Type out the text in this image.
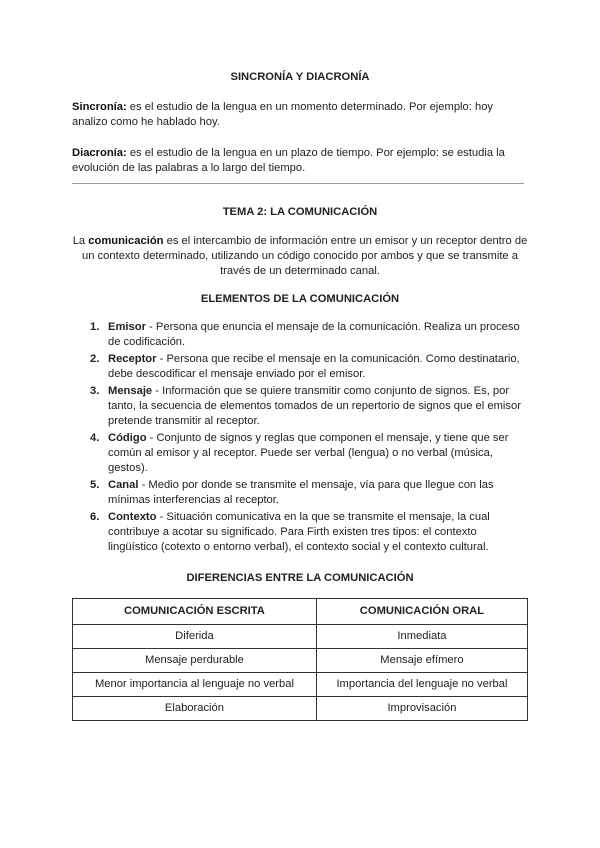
SINCRONÍA Y DIACRONÍA
Sincronía: es el estudio de la lengua en un momento determinado. Por ejemplo: hoy analizo como he hablado hoy.
Diacronía: es el estudio de la lengua en un plazo de tiempo. Por ejemplo: se estudia la evolución de las palabras a lo largo del tiempo.
TEMA 2: LA COMUNICACIÓN
La comunicación es el intercambio de información entre un emisor y un receptor dentro de un contexto determinado, utilizando un código conocido por ambos y que se transmite a través de un determinado canal.
ELEMENTOS DE LA COMUNICACIÓN
1. Emisor - Persona que enuncia el mensaje de la comunicación. Realiza un proceso de codificación.
2. Receptor - Persona que recibe el mensaje en la comunicación. Como destinatario, debe descodificar el mensaje enviado por el emisor.
3. Mensaje - Información que se quiere transmitir como conjunto de signos. Es, por tanto, la secuencia de elementos tomados de un repertorio de signos que el emisor pretende transmitir al receptor.
4. Código - Conjunto de signos y reglas que componen el mensaje, y tiene que ser común al emisor y al receptor. Puede ser verbal (lengua) o no verbal (música, gestos).
5. Canal - Medio por donde se transmite el mensaje, vía para que llegue con las mínimas interferencias al receptor.
6. Contexto - Situación comunicativa en la que se transmite el mensaje, la cual contribuye a acotar su significado. Para Firth existen tres tipos: el contexto lingüístico (cotexto o entorno verbal), el contexto social y el contexto cultural.
DIFERENCIAS ENTRE LA COMUNICACIÓN
COMUNICACIÓN ESCRITA	COMUNICACIÓN ORAL
Diferida	Inmediata
Mensaje perdurable	Mensaje efímero
Menor importancia al lenguaje no verbal	Importancia del lenguaje no verbal
Elaboración	Improvisación
